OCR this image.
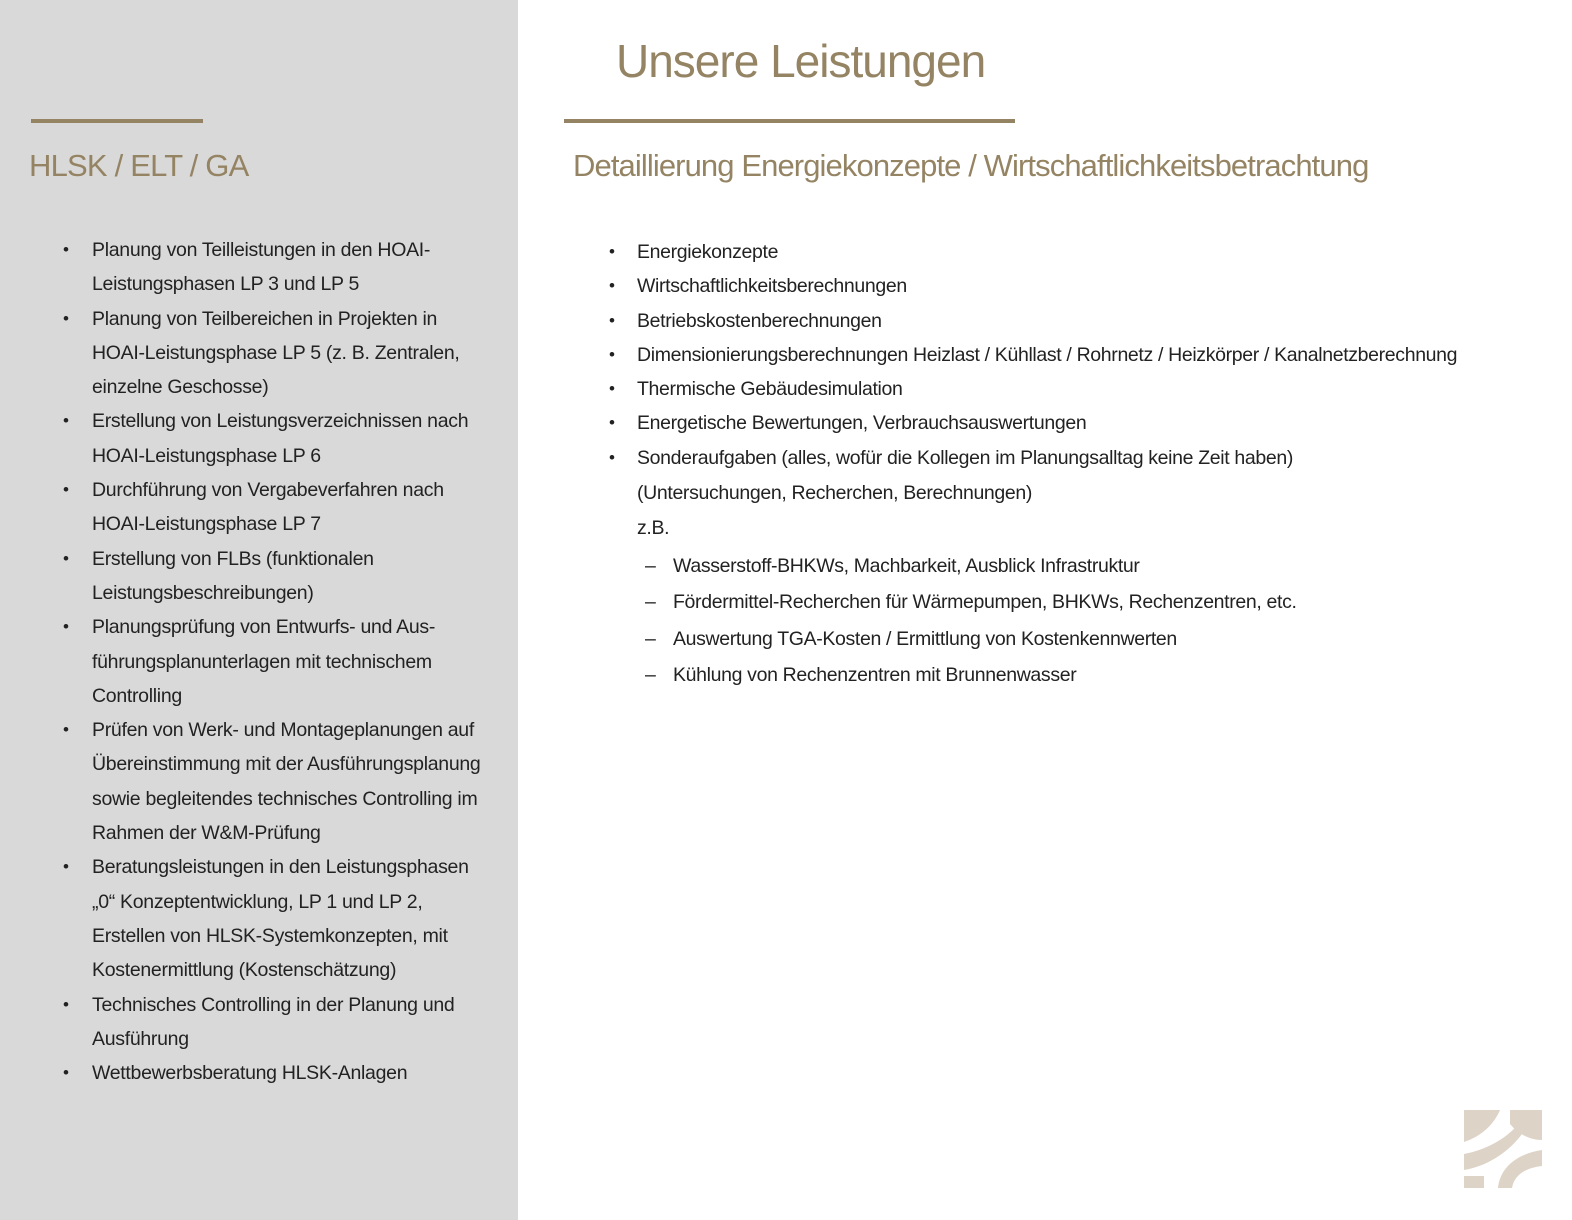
HLSK / ELT / GA
• Planung von Teilleistungen in den HOAI-Leistungsphasen LP 3 und LP 5
• Planung von Teilbereichen in Projekten in HOAI-Leistungsphase LP 5 (z. B. Zentralen, einzelne Geschosse)
• Erstellung von Leistungsverzeichnissen nach HOAI-Leistungsphase LP 6
• Durchführung von Vergabeverfahren nach HOAI-Leistungsphase LP 7
• Erstellung von FLBs (funktionalen Leistungsbeschreibungen)
• Planungsprüfung von Entwurfs- und Aus-führungsplanunterlagen mit technischem Controlling
• Prüfen von Werk- und Montageplanungen auf Übereinstimmung mit der Ausführungsplanung sowie begleitendes technisches Controlling im Rahmen der W&M-Prüfung
• Beratungsleistungen in den Leistungsphasen „0“ Konzeptentwicklung, LP 1 und LP 2, Erstellen von HLSK-Systemkonzepten, mit Kostenermittlung (Kostenschätzung)
• Technisches Controlling in der Planung und Ausführung
• Wettbewerbsberatung HLSK-Anlagen
Unsere Leistungen
Detaillierung Energiekonzepte / Wirtschaftlichkeitsbetrachtung
• Energiekonzepte
• Wirtschaftlichkeitsberechnungen
• Betriebskostenberechnungen
• Dimensionierungsberechnungen Heizlast / Kühllast / Rohrnetz / Heizkörper / Kanalnetzberechnung
• Thermische Gebäudesimulation
• Energetische Bewertungen, Verbrauchsauswertungen
• Sonderaufgaben (alles, wofür die Kollegen im Planungsalltag keine Zeit haben)
(Untersuchungen, Recherchen, Berechnungen)
z.B.
– Wasserstoff-BHKWs, Machbarkeit, Ausblick Infrastruktur
– Fördermittel-Recherchen für Wärmepumpen, BHKWs, Rechenzentren, etc.
– Auswertung TGA-Kosten / Ermittlung von Kostenkennwerten
– Kühlung von Rechenzentren mit Brunnenwasser
